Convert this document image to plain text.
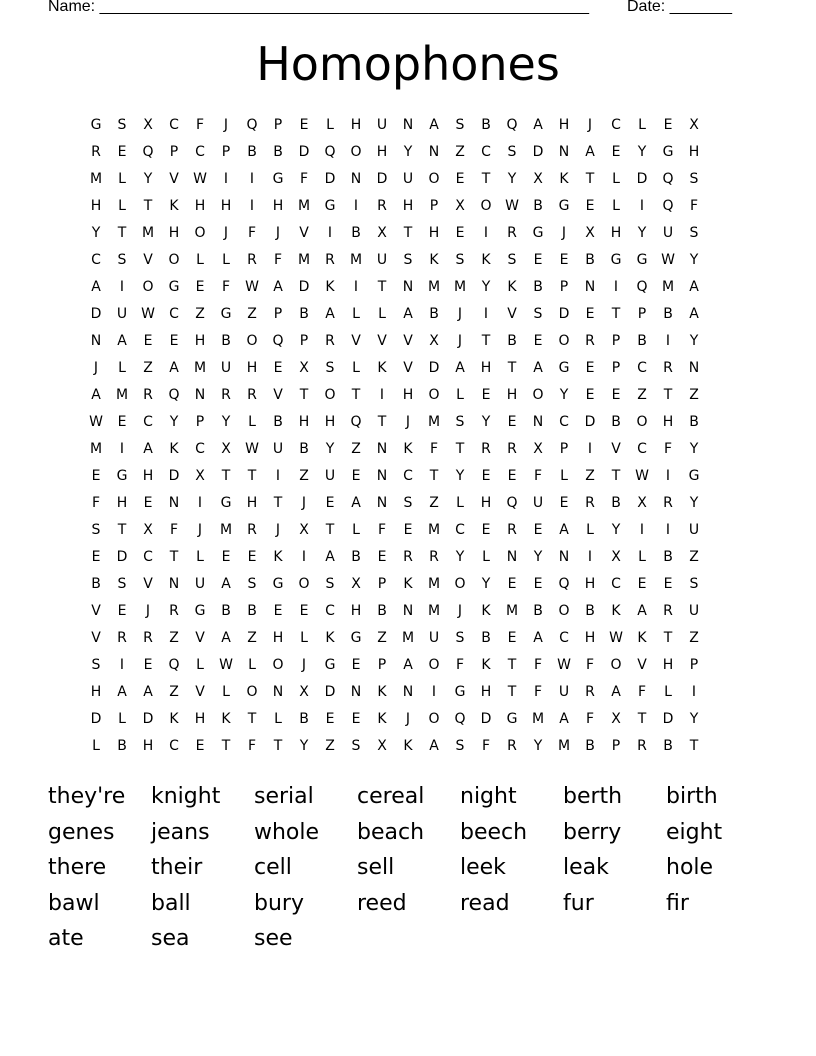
Name: _______________________________________________________ Date: _______
Homophones
G	S	X	C	F	J	Q	P	E	L	H	U	N	A	S	B	Q	A	H	J	C	L	E	X
R	E	Q	P	C	P	B	B	D	Q	O	H	Y	N	Z	C	S	D	N	A	E	Y	G	H
M	L	Y	V	W	I	I	G	F	D	N	D	U	O	E	T	Y	X	K	T	L	D	Q	S
H	L	T	K	H	H	I	H	M	G	I	R	H	P	X	O W	B	G	E	L	I	Q	F
Y	T	M	H	O	J	F	J	V	I	B	X	T	H	E	I	R	G	J	X	H	Y	U	S
C	S	V	O	L	L	R	F	M	R	M	U	S	K	S	K	S	E	E	B	G	G W	Y
A	I	O	G	E	F	W	A	D	K	I	T	N	M M	Y	K	B	P	N	I	Q	M	A
D	U W	C	Z	G	Z	P	B	A	L	L	A	B	J	I	V	S	D	E	T	P	B	A
N	A	E	E	H	B	O	Q	P	R	V	V	V	X	J	T	B	E	O	R	P	B	I	Y
J	L	Z	A	M	U	H	E	X	S	L	K	V	D	A	H	T	A	G	E	P	C	R	N
A	M	R	Q	N	R	R	V	T	O	T	I	H	O	L	E	H	O	Y	E	E	Z	T	Z
W	E	C	Y	P	Y	L	B	H	H	Q	T	J	M	S	Y	E	N	C	D	B	O	H	B
M	I	A	K	C	X	W U	B	Y	Z	N	K	F	T	R	R	X	P	I	V	C	F	Y
E	G	H	D	X	T	T	I	Z	U	E	N	C	T	Y	E	E	F	L	Z	T	W	I	G
F	H	E	N	I	G	H	T	J	E	A	N	S	Z	L	H	Q	U	E	R	B	X	R	Y
S	T	X	F	J	M	R	J	X	T	L	F	E	M	C	E	R	E	A	L	Y	I	I	U
E	D	C	T	L	E	E	K	I	A	B	E	R	R	Y	L	N	Y	N	I	X	L	B	Z
B	S	V	N	U	A	S	G	O	S	X	P	K	M	O	Y	E	E	Q	H	C	E	E	S
V	E	J	R	G	B	B	E	E	C	H	B	N	M	J	K	M	B	O	B	K	A	R	U
V	R	R	Z	V	A	Z	H	L	K	G	Z	M	U	S	B	E	A	C	H W	K	T	Z
S	I	E	Q	L	W	L	O	J	G	E	P	A	O	F	K	T	F	W	F	O	V	H	P
H	A	A	Z	V	L	O	N	X	D	N	K	N	I	G	H	T	F	U	R	A	F	L	I
D	L	D	K	H	K	T	L	B	E	E	K	J	O	Q	D	G	M	A	F	X	T	D	Y
L	B	H	C	E	T	F	T	Y	Z	S	X	K	A	S	F	R	Y	M	B	P	R	B	T
they're	knight	serial	cereal	night	berth	birth
genes	jeans	whole	beach	beech	berry	eight
there	their	cell	sell	leek	leak	hole
bawl	ball	bury	reed	read	fur	fir
ate	sea	see
